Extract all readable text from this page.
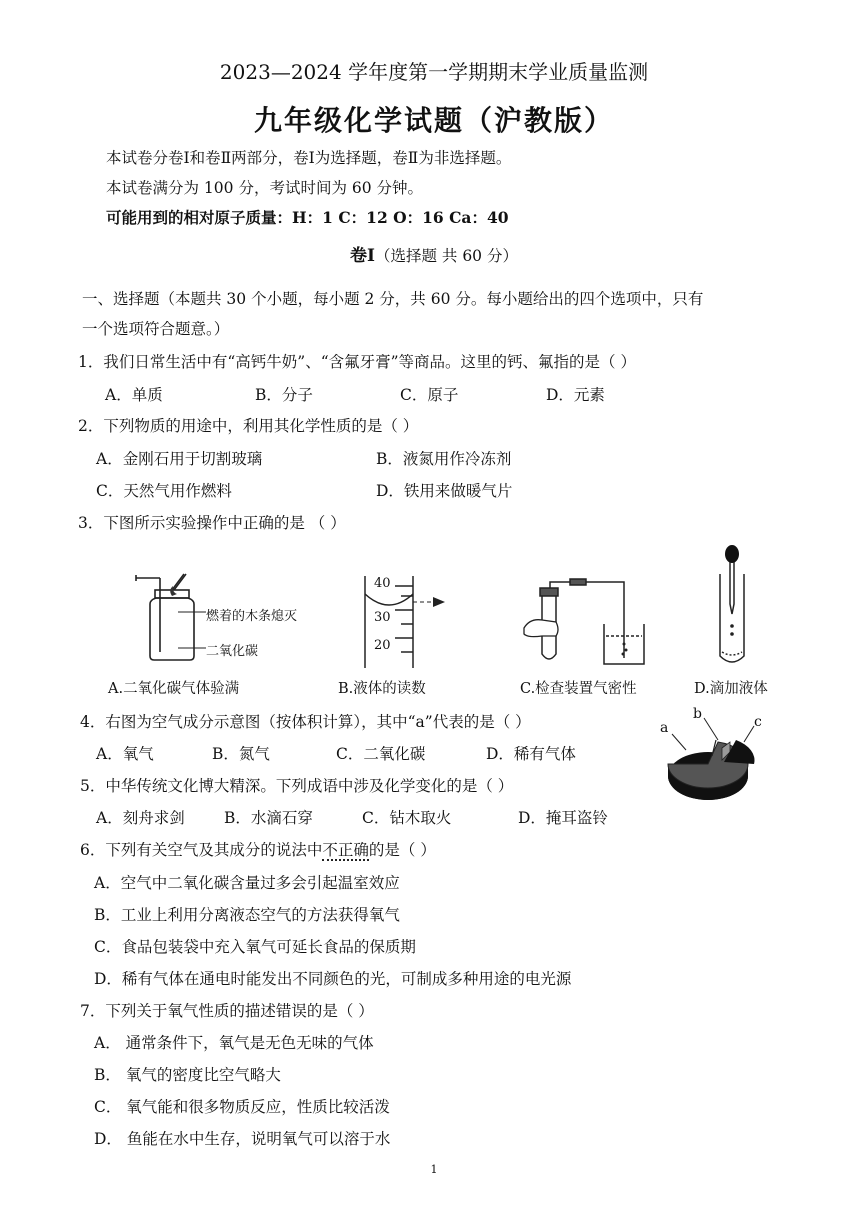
2023—2024 学年度第一学期期末学业质量监测
九年级化学试题（沪教版）
本试卷分卷Ⅰ和卷Ⅱ两部分，卷Ⅰ为选择题，卷Ⅱ为非选择题。
本试卷满分为 100 分，考试时间为 60 分钟。
可能用到的相对原子质量：H：1 C：12 O：16 Ca：40
卷Ⅰ（选择题 共 60 分）
一、选择题（本题共 30 个小题，每小题 2 分，共 60 分。每小题给出的四个选项中，只有
一个选项符合题意。）
1．我们日常生活中有“高钙牛奶”、“含氟牙膏”等商品。这里的钙、氟指的是（ ）
A．单质	B．分子	C．原子	D．元素
2．下列物质的用途中，利用其化学性质的是（ ）
A．金刚石用于切割玻璃	B．液氮用作冷冻剂
C．天然气用作燃料	D．铁用来做暖气片
3．下图所示实验操作中正确的是 （ ）
燃着的木条熄灭
二氧化碳
A.二氧化碳气体验满
40
30
20
B.液体的读数	C.检查装置气密性	D.滴加液体
4．右图为空气成分示意图（按体积计算），其中“a”代表的是（ ）
A．氧气	B．氮气	C．二氧化碳	D．稀有气体
a
b	c
5．中华传统文化博大精深。下列成语中涉及化学变化的是（ ）
A．刻舟求剑	B．水滴石穿	C．钻木取火	D．掩耳盗铃
6．下列有关空气及其成分的说法中不正确的是（ ）
A．空气中二氧化碳含量过多会引起温室效应
B．工业上利用分离液态空气的方法获得氧气
C．食品包装袋中充入氧气可延长食品的保质期
D．稀有气体在通电时能发出不同颜色的光，可制成多种用途的电光源
7．下列关于氧气性质的描述错误的是（ ）
A． 通常条件下，氧气是无色无味的气体
B． 氧气的密度比空气略大
C． 氧气能和很多物质反应，性质比较活泼
D． 鱼能在水中生存，说明氧气可以溶于水
1
